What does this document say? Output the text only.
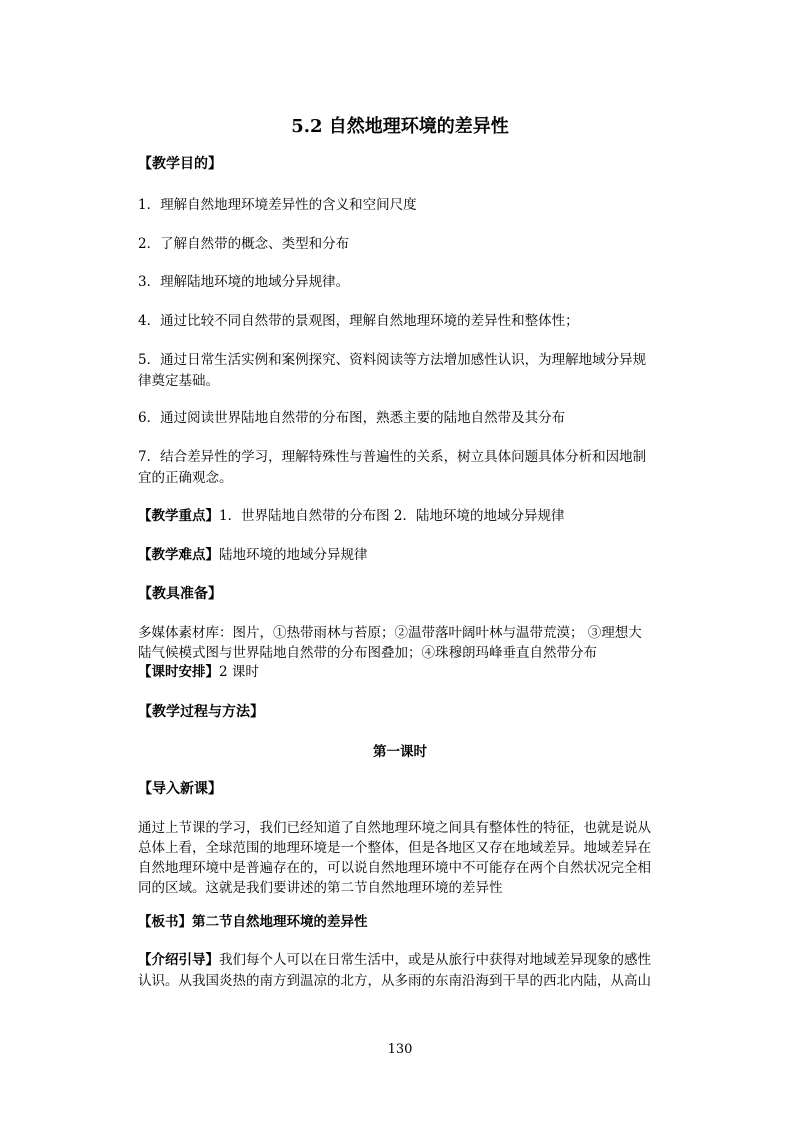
5.2 自然地理环境的差异性
【教学目的】
1．理解自然地理环境差异性的含义和空间尺度
2．了解自然带的概念、类型和分布
3．理解陆地环境的地域分异规律。
4．通过比较不同自然带的景观图，理解自然地理环境的差异性和整体性；
5．通过日常生活实例和案例探究、资料阅读等方法增加感性认识，为理解地域分异规
律奠定基础。
6．通过阅读世界陆地自然带的分布图，熟悉主要的陆地自然带及其分布
7．结合差异性的学习，理解特殊性与普遍性的关系，树立具体问题具体分析和因地制
宜的正确观念。
【教学重点】1．世界陆地自然带的分布图 2．陆地环境的地域分异规律
【教学难点】陆地环境的地域分异规律
【教具准备】
多媒体素材库：图片，①热带雨林与苔原；②温带落叶阔叶林与温带荒漠； ③理想大
陆气候模式图与世界陆地自然带的分布图叠加；④珠穆朗玛峰垂直自然带分布
【课时安排】2 课时
【教学过程与方法】
第一课时
【导入新课】
通过上节课的学习，我们已经知道了自然地理环境之间具有整体性的特征，也就是说从
总体上看，全球范围的地理环境是一个整体，但是各地区又存在地域差异。地域差异在
自然地理环境中是普遍存在的，可以说自然地理环境中不可能存在两个自然状况完全相
同的区域。这就是我们要讲述的第二节自然地理环境的差异性
【板书】第二节自然地理环境的差异性
【介绍引导】我们每个人可以在日常生活中，或是从旅行中获得对地域差异现象的感性
认识。从我国炎热的南方到温凉的北方，从多雨的东南沿海到干旱的西北内陆，从高山
130
